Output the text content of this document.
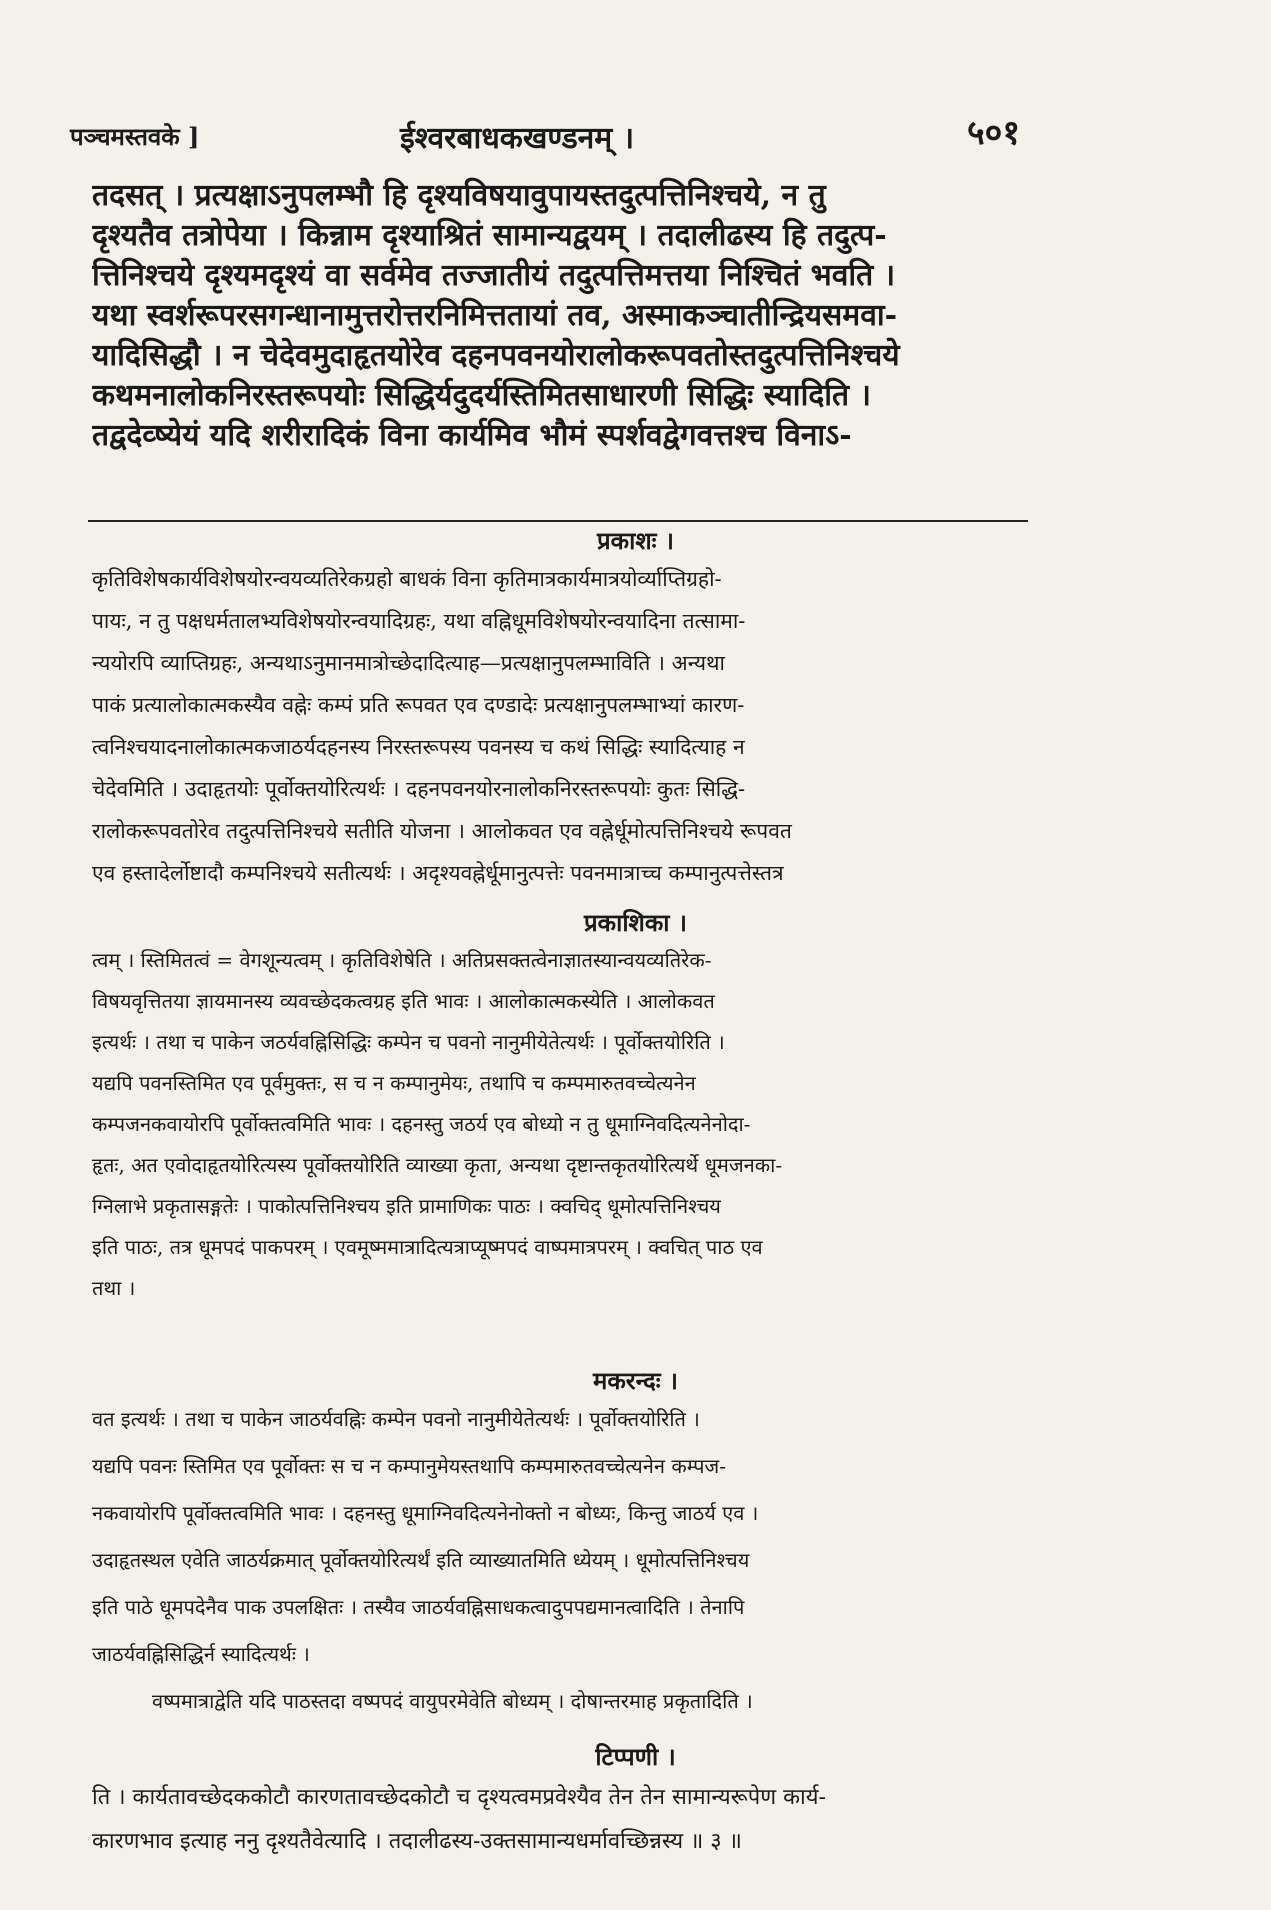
पञ्चमस्तवके ]	ईश्वरबाधकखण्डनम् ।	५०१

तदसत् । प्रत्यक्षाऽनुपलम्भौ हि दृश्यविषयावुपायस्तदुत्पत्तिनिश्चये, न तु

दृश्यतैव तत्रोपेया । किन्नाम दृश्याश्रितं सामान्यद्वयम् । तदालीढस्य हि तदुत्प-

त्तिनिश्चये दृश्यमदृश्यं वा सर्वमेव तज्जातीयं तदुत्पत्तिमत्तया निश्चितं भवति ।

यथा स्वर्शरूपरसगन्धानामुत्तरोत्तरनिमित्ततायां तव, अस्माकञ्चातीन्द्रियसमवा-

यादिसिद्धौ । न चेदेवमुदाहृतयोरेव दहनपवनयोरालोकरूपवतोस्तदुत्पत्तिनिश्चये

कथमनालोकनिरस्तरूपयोः सिद्धिर्यदुदर्यस्तिमितसाधारणी सिद्धिः स्यादिति ।

तद्वदेव्ष्येयं यदि शरीरादिकं विना कार्यमिव भौमं स्पर्शवद्वेगवत्तश्च विनाऽ-

प्रकाशः ।

कृतिविशेषकार्यविशेषयोरन्वयव्यतिरेकग्रहो बाधकं विना कृतिमात्रकार्यमात्रयोर्व्याप्तिग्रहो-

पायः, न तु पक्षधर्मतालभ्यविशेषयोरन्वयादिग्रहः, यथा वह्निधूमविशेषयोरन्वयादिना तत्सामा-

न्ययोरपि व्याप्तिग्रहः, अन्यथाऽनुमानमात्रोच्छेदादित्याह—प्रत्यक्षानुपलम्भाविति । अन्यथा

पाकं प्रत्यालोकात्मकस्यैव वह्नेः कम्पं प्रति रूपवत एव दण्डादेः प्रत्यक्षानुपलम्भाभ्यां कारण-

त्वनिश्चयादनालोकात्मकजाठर्यदहनस्य निरस्तरूपस्य पवनस्य च कथं सिद्धिः स्यादित्याह न

चेदेवमिति । उदाहृतयोः पूर्वोक्तयोरित्यर्थः । दहनपवनयोरनालोकनिरस्तरूपयोः कुतः सिद्धि-

रालोकरूपवतोरेव तदुत्पत्तिनिश्चये सतीति योजना । आलोकवत एव वह्नेर्धूमोत्पत्तिनिश्चये रूपवत

एव हस्तादेर्लोष्टादौ कम्पनिश्चये सतीत्यर्थः । अदृश्यवह्नेर्धूमानुत्पत्तेः पवनमात्राच्च कम्पानुत्पत्तेस्तत्र

प्रकाशिका ।

त्वम् । स्तिमितत्वं = वेगशून्यत्वम् । कृतिविशेषेति । अतिप्रसक्तत्वेनाज्ञातस्यान्वयव्यतिरेक-

विषयवृत्तितया ज्ञायमानस्य व्यवच्छेदकत्वग्रह इति भावः । आलोकात्मकस्येति । आलोकवत

इत्यर्थः । तथा च पाकेन जठर्यवह्निसिद्धिः कम्पेन च पवनो नानुमीयेतेत्यर्थः । पूर्वोक्तयोरिति ।

यद्यपि पवनस्तिमित एव पूर्वमुक्तः, स च न कम्पानुमेयः, तथापि च कम्पमारुतवच्चेत्यनेन

कम्पजनकवायोरपि पूर्वोक्तत्वमिति भावः । दहनस्तु जठर्य एव बोध्यो न तु धूमाग्निवदित्यनेनोदा-

हृतः, अत एवोदाहृतयोरित्यस्य पूर्वोक्तयोरिति व्याख्या कृता, अन्यथा दृष्टान्तकृतयोरित्यर्थे धूमजनका-

ग्निलाभे प्रकृतासङ्गतेः । पाकोत्पत्तिनिश्चय इति प्रामाणिकः पाठः । क्वचिद् धूमोत्पत्तिनिश्चय

इति पाठः, तत्र धूमपदं पाकपरम् । एवमूष्ममात्रादित्यत्राप्यूष्मपदं वाष्पमात्रपरम् । क्वचित् पाठ एव

तथा ।

मकरन्दः ।

वत इत्यर्थः । तथा च पाकेन जाठर्यवह्निः कम्पेन पवनो नानुमीयेतेत्यर्थः । पूर्वोक्तयोरिति ।

यद्यपि पवनः स्तिमित एव पूर्वोक्तः स च न कम्पानुमेयस्तथापि कम्पमारुतवच्चेत्यनेन कम्पज-

नकवायोरपि पूर्वोक्तत्वमिति भावः । दहनस्तु धूमाग्निवदित्यनेनोक्तो न बोध्यः, किन्तु जाठर्य एव ।

उदाहृतस्थल एवेति जाठर्यक्रमात् पूर्वोक्तयोरित्यर्थं इति व्याख्यातमिति ध्येयम् । धूमोत्पत्तिनिश्चय

इति पाठे धूमपदेनैव पाक उपलक्षितः । तस्यैव जाठर्यवह्निसाधकत्वादुपपद्यमानत्वादिति । तेनापि

जाठर्यवह्निसिद्धिर्न स्यादित्यर्थः ।

वष्पमात्राद्वेति यदि पाठस्तदा वष्पपदं वायुपरमेवेति बोध्यम् । दोषान्तरमाह प्रकृतादिति ।

टिप्पणी ।

ति । कार्यतावच्छेदककोटौ कारणतावच्छेदकोटौ च दृश्यत्वमप्रवेश्यैव तेन तेन सामान्यरूपेण कार्य-

कारणभाव इत्याह ननु दृश्यतैवेत्यादि । तदालीढस्य-उक्तसामान्यधर्मावच्छिन्नस्य ॥ ३ ॥
